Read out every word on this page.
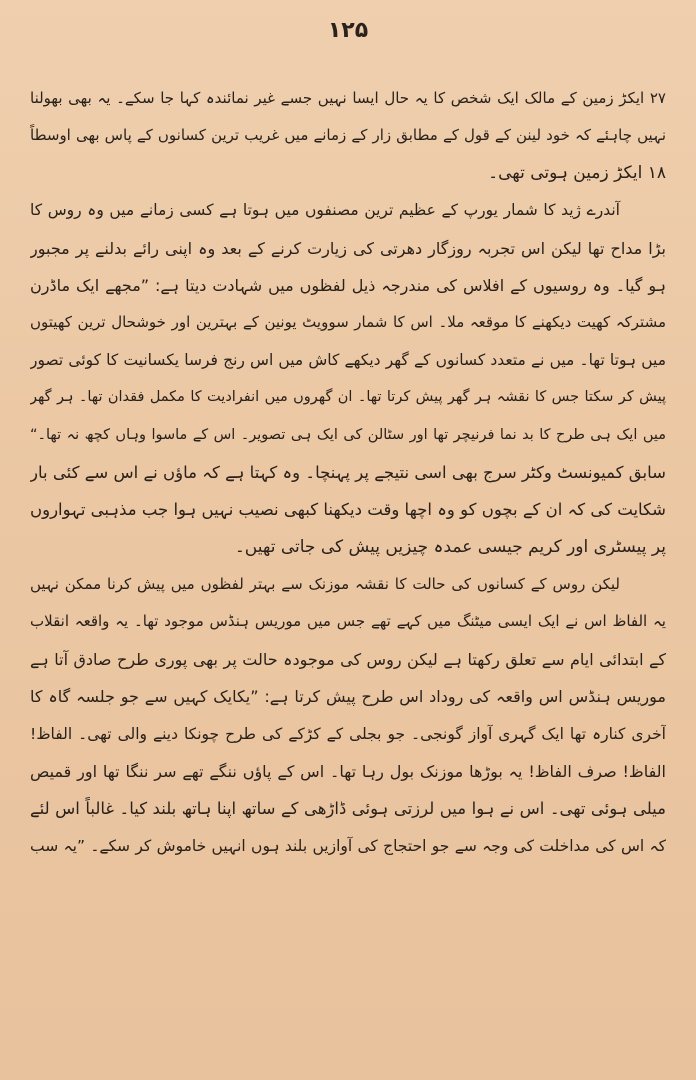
۱۲۵
۲۷ ایکڑ زمین کے مالک ایک شخص کا یہ حال ایسا نہیں جسے غیر نمائندہ کہا جا سکے۔ یہ بھی بھولنا
نہیں چاہئے کہ خود لینن کے قول کے مطابق زار کے زمانے میں غریب ترین کسانوں کے پاس بھی اوسطاً
۱۸ ایکڑ زمین ہوتی تھی۔
آندرے ژید کا شمار یورپ کے عظیم ترین مصنفوں میں ہوتا ہے کسی زمانے میں وہ روس کا
بڑا مداح تھا لیکن اس تجربہ روزگار دھرتی کی زیارت کرنے کے بعد وہ اپنی رائے بدلنے پر مجبور
ہو گیا۔ وہ روسیوں کے افلاس کی مندرجہ ذیل لفظوں میں شہادت دیتا ہے: ”مجھے ایک ماڈرن
مشترکہ کھیت دیکھنے کا موقعہ ملا۔ اس کا شمار سوویٹ یونین کے بہترین اور خوشحال ترین کھیتوں
میں ہوتا تھا۔ میں نے متعدد کسانوں کے گھر دیکھے کاش میں اس رنج فرسا یکسانیت کا کوئی تصور
پیش کر سکتا جس کا نقشہ ہر گھر پیش کرتا تھا۔ ان گھروں میں انفرادیت کا مکمل فقدان تھا۔ ہر گھر
میں ایک ہی طرح کا بد نما فرنیچر تھا اور سٹالن کی ایک ہی تصویر۔ اس کے ماسوا وہاں کچھ نہ تھا۔“
سابق کمیونسٹ وکٹر سرج بھی اسی نتیجے پر پہنچا۔ وہ کہتا ہے کہ ماؤں نے اس سے کئی بار
شکایت کی کہ ان کے بچوں کو وہ اچھا وقت دیکھنا کبھی نصیب نہیں ہوا جب مذہبی تہواروں
پر پیسٹری اور کریم جیسی عمدہ چیزیں پیش کی جاتی تھیں۔
لیکن روس کے کسانوں کی حالت کا نقشہ موزنک سے بہتر لفظوں میں پیش کرنا ممکن نہیں
یہ الفاظ اس نے ایک ایسی میٹنگ میں کہے تھے جس میں موریس ہنڈس موجود تھا۔ یہ واقعہ انقلاب
کے ابتدائی ایام سے تعلق رکھتا ہے لیکن روس کی موجودہ حالت پر بھی پوری طرح صادق آتا ہے
موریس ہنڈس اس واقعہ کی روداد اس طرح پیش کرتا ہے: ”یکایک کہیں سے جو جلسہ گاہ کا
آخری کنارہ تھا ایک گہری آواز گونجی۔ جو بجلی کے کڑکے کی طرح چونکا دینے والی تھی۔ الفاظ!
الفاظ! صرف الفاظ! یہ بوڑھا موزنک بول رہا تھا۔ اس کے پاؤں ننگے تھے سر ننگا تھا اور قمیص
میلی ہوئی تھی۔ اس نے ہوا میں لرزتی ہوئی ڈاڑھی کے ساتھ اپنا ہاتھ بلند کیا۔ غالباً اس لئے
کہ اس کی مداخلت کی وجہ سے جو احتجاج کی آوازیں بلند ہوں انہیں خاموش کر سکے۔ ”یہ سب
